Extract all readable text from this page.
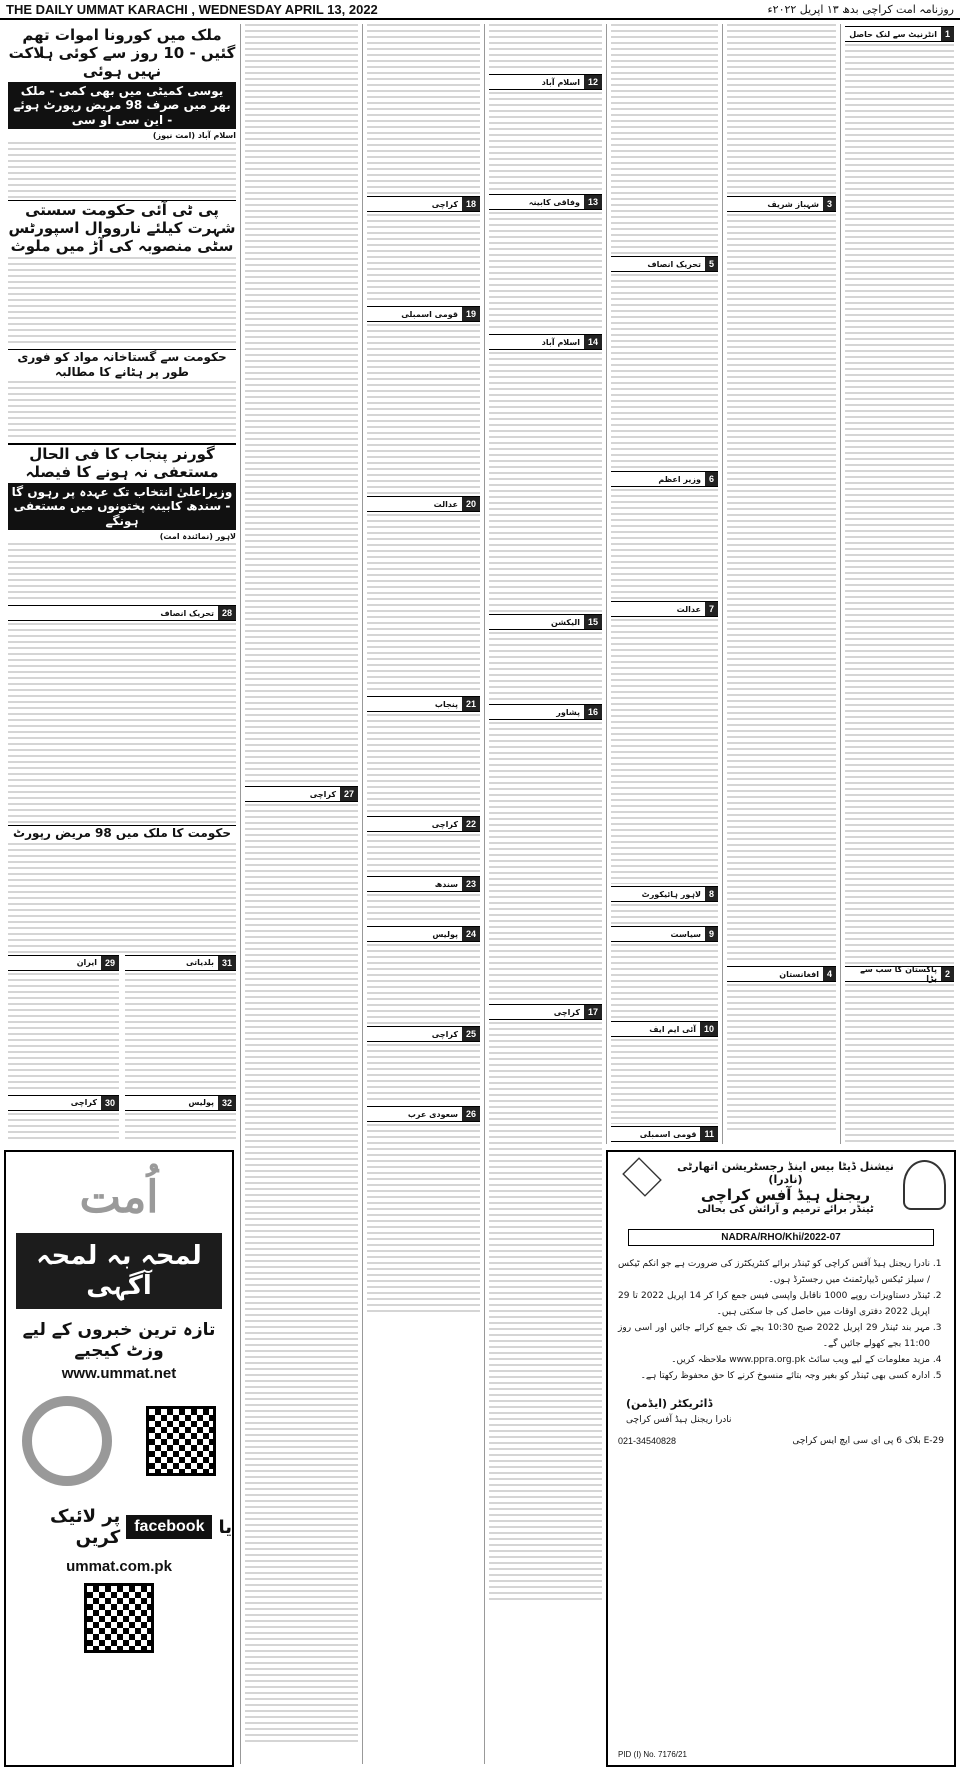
THE DAILY UMMAT KARACHI , WEDNESDAY APRIL 13, 2022	روزنامہ امت کراچی بدھ ۱۳ اپریل ۲۰۲۲ء
1
انٹرنیٹ سے لنک حاصل
2
پاکستان کا سب سے بڑا
3
شہباز شریف
4
افغانستان
5
تحریک انصاف
6
وزیر اعظم
7
عدالت
8
لاہور ہائیکورٹ
9
سیاست
10
آئی ایم ایف
11
قومی اسمبلی
12
اسلام آباد
13
وفاقی کابینہ
14
اسلام آباد
15
الیکشن
16
پشاور
17
کراچی
18
کراچی
19
قومی اسمبلی
20
عدالت
21
پنجاب
22
کراچی
23
سندھ
24
پولیس
25
کراچی
26
سعودی عرب
27
کراچی
ملک میں کورونا اموات تھم گئیں - 10 روز سے کوئی ہلاکت نہیں ہوئی
یوسی کمیٹی میں بھی کمی - ملک بھر میں صرف 98 مریض رپورٹ ہوئے - این سی او سی
اسلام آباد (امت نیوز)
پی ٹی آئی حکومت سستی شہرت کیلئے نارووال اسپورٹس سٹی منصوبہ کی آڑ میں ملوث
حکومت سے گستاخانہ مواد کو فوری طور پر ہٹانے کا مطالبہ
گورنر پنجاب کا فی الحال مستعفی نہ ہونے کا فیصلہ
وزیراعلیٰ انتخاب تک عہدہ پر رہوں گا - سندھ کابینہ پختونوں میں مستعفی ہونگے
لاہور (نمائندہ امت)
28
تحریک انصاف
حکومت کا ملک میں 98 مریض رپورٹ
31
بلدیاتی
29
ایران
32
پولیس
30
کراچی
اُمت
لمحہ بہ لمحہ آگہی
تازہ ترین خبروں کے لیے وزٹ کیجیے
www.ummat.net
یا
facebook
پر لائیک کریں
ummat.com.pk
نیشنل ڈیٹا بیس اینڈ رجسٹریشن اتھارٹی (نادرا)
ریجنل ہیڈ آفس کراچی
ٹینڈر برائے ترمیم و آرائش کی بحالی
NADRA/RHO/Khi/2022-07
1. نادرا ریجنل ہیڈ آفس کراچی کو ٹینڈر برائے کنٹریکٹرز کی ضرورت ہے جو انکم ٹیکس / سیلز ٹیکس ڈیپارٹمنٹ میں رجسٹرڈ ہوں۔
2. ٹینڈر دستاویزات روپے 1000 ناقابل واپسی فیس جمع کرا کر 14 اپریل 2022 تا 29 اپریل 2022 دفتری اوقات میں حاصل کی جا سکتی ہیں۔
3. مہر بند ٹینڈر 29 اپریل 2022 صبح 10:30 بجے تک جمع کرائے جائیں اور اسی روز 11:00 بجے کھولے جائیں گے۔
4. مزید معلومات کے لیے ویب سائٹ www.ppra.org.pk ملاحظہ کریں۔
5. ادارہ کسی بھی ٹینڈر کو بغیر وجہ بتائے منسوخ کرنے کا حق محفوظ رکھتا ہے۔
ڈائریکٹر (ایڈمن)
نادرا ریجنل ہیڈ آفس کراچی
29-E بلاک 6 پی ای سی ایچ ایس کراچی
021-34540828
PID (I) No. 7176/21
